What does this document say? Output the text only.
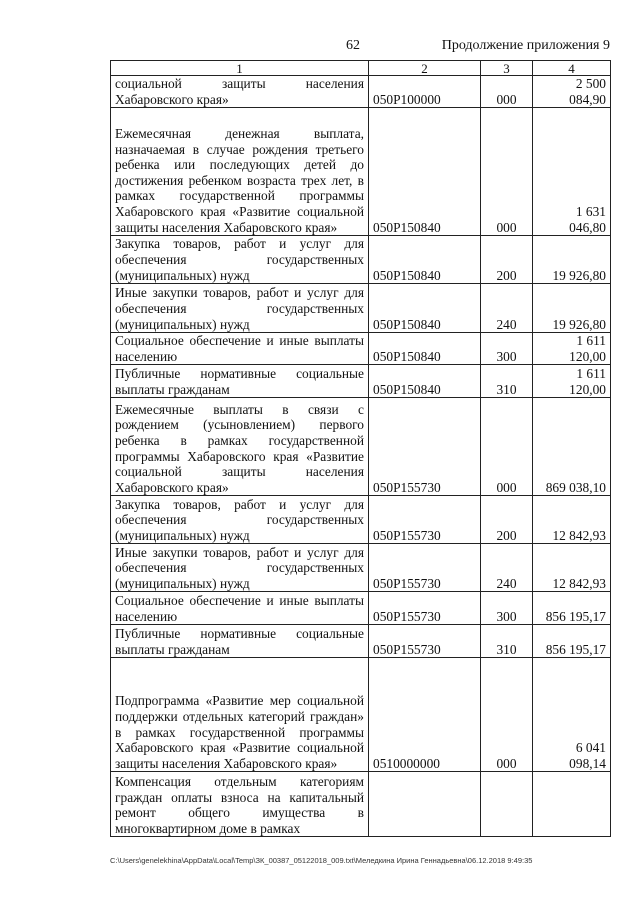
62	Продолжение приложения 9
1	2	3	4
социальной защиты населения Хабаровского края»	050P100000	000	2 500 084,90
Ежемесячная денежная выплата, назначаемая в случае рождения третьего ребенка или последующих детей до достижения ребенком возраста трех лет, в рамках государственной программы Хабаровского края «Развитие социальной защиты населения Хабаровского края»	050P150840	000	1 631 046,80
Закупка товаров, работ и услуг для обеспечения государственных (муниципальных) нужд	050P150840	200	19 926,80
Иные закупки товаров, работ и услуг для обеспечения государственных (муниципальных) нужд	050P150840	240	19 926,80
Социальное обеспечение и иные выплаты населению	050P150840	300	1 611 120,00
Публичные нормативные социальные выплаты гражданам	050P150840	310	1 611 120,00
Ежемесячные выплаты в связи с рождением (усыновлением) первого ребенка в рамках государственной программы Хабаровского края «Развитие социальной защиты населения Хабаровского края»	050P155730	000	869 038,10
Закупка товаров, работ и услуг для обеспечения государственных (муниципальных) нужд	050P155730	200	12 842,93
Иные закупки товаров, работ и услуг для обеспечения государственных (муниципальных) нужд	050P155730	240	12 842,93
Социальное обеспечение и иные выплаты населению	050P155730	300	856 195,17
Публичные нормативные социальные выплаты гражданам	050P155730	310	856 195,17
Подпрограмма «Развитие мер социальной поддержки отдельных категорий граждан» в рамках государственной программы Хабаровского края «Развитие социальной защиты населения Хабаровского края»	0510000000	000	6 041 098,14
Компенсация отдельным категориям граждан оплаты взноса на капитальный ремонт общего имущества в многоквартирном доме в рамках			
C:\Users\genelekhina\AppData\Local\Temp\ЗК_00387_05122018_009.txt\Меледкина Ирина Геннадьевна\06.12.2018 9:49:35
